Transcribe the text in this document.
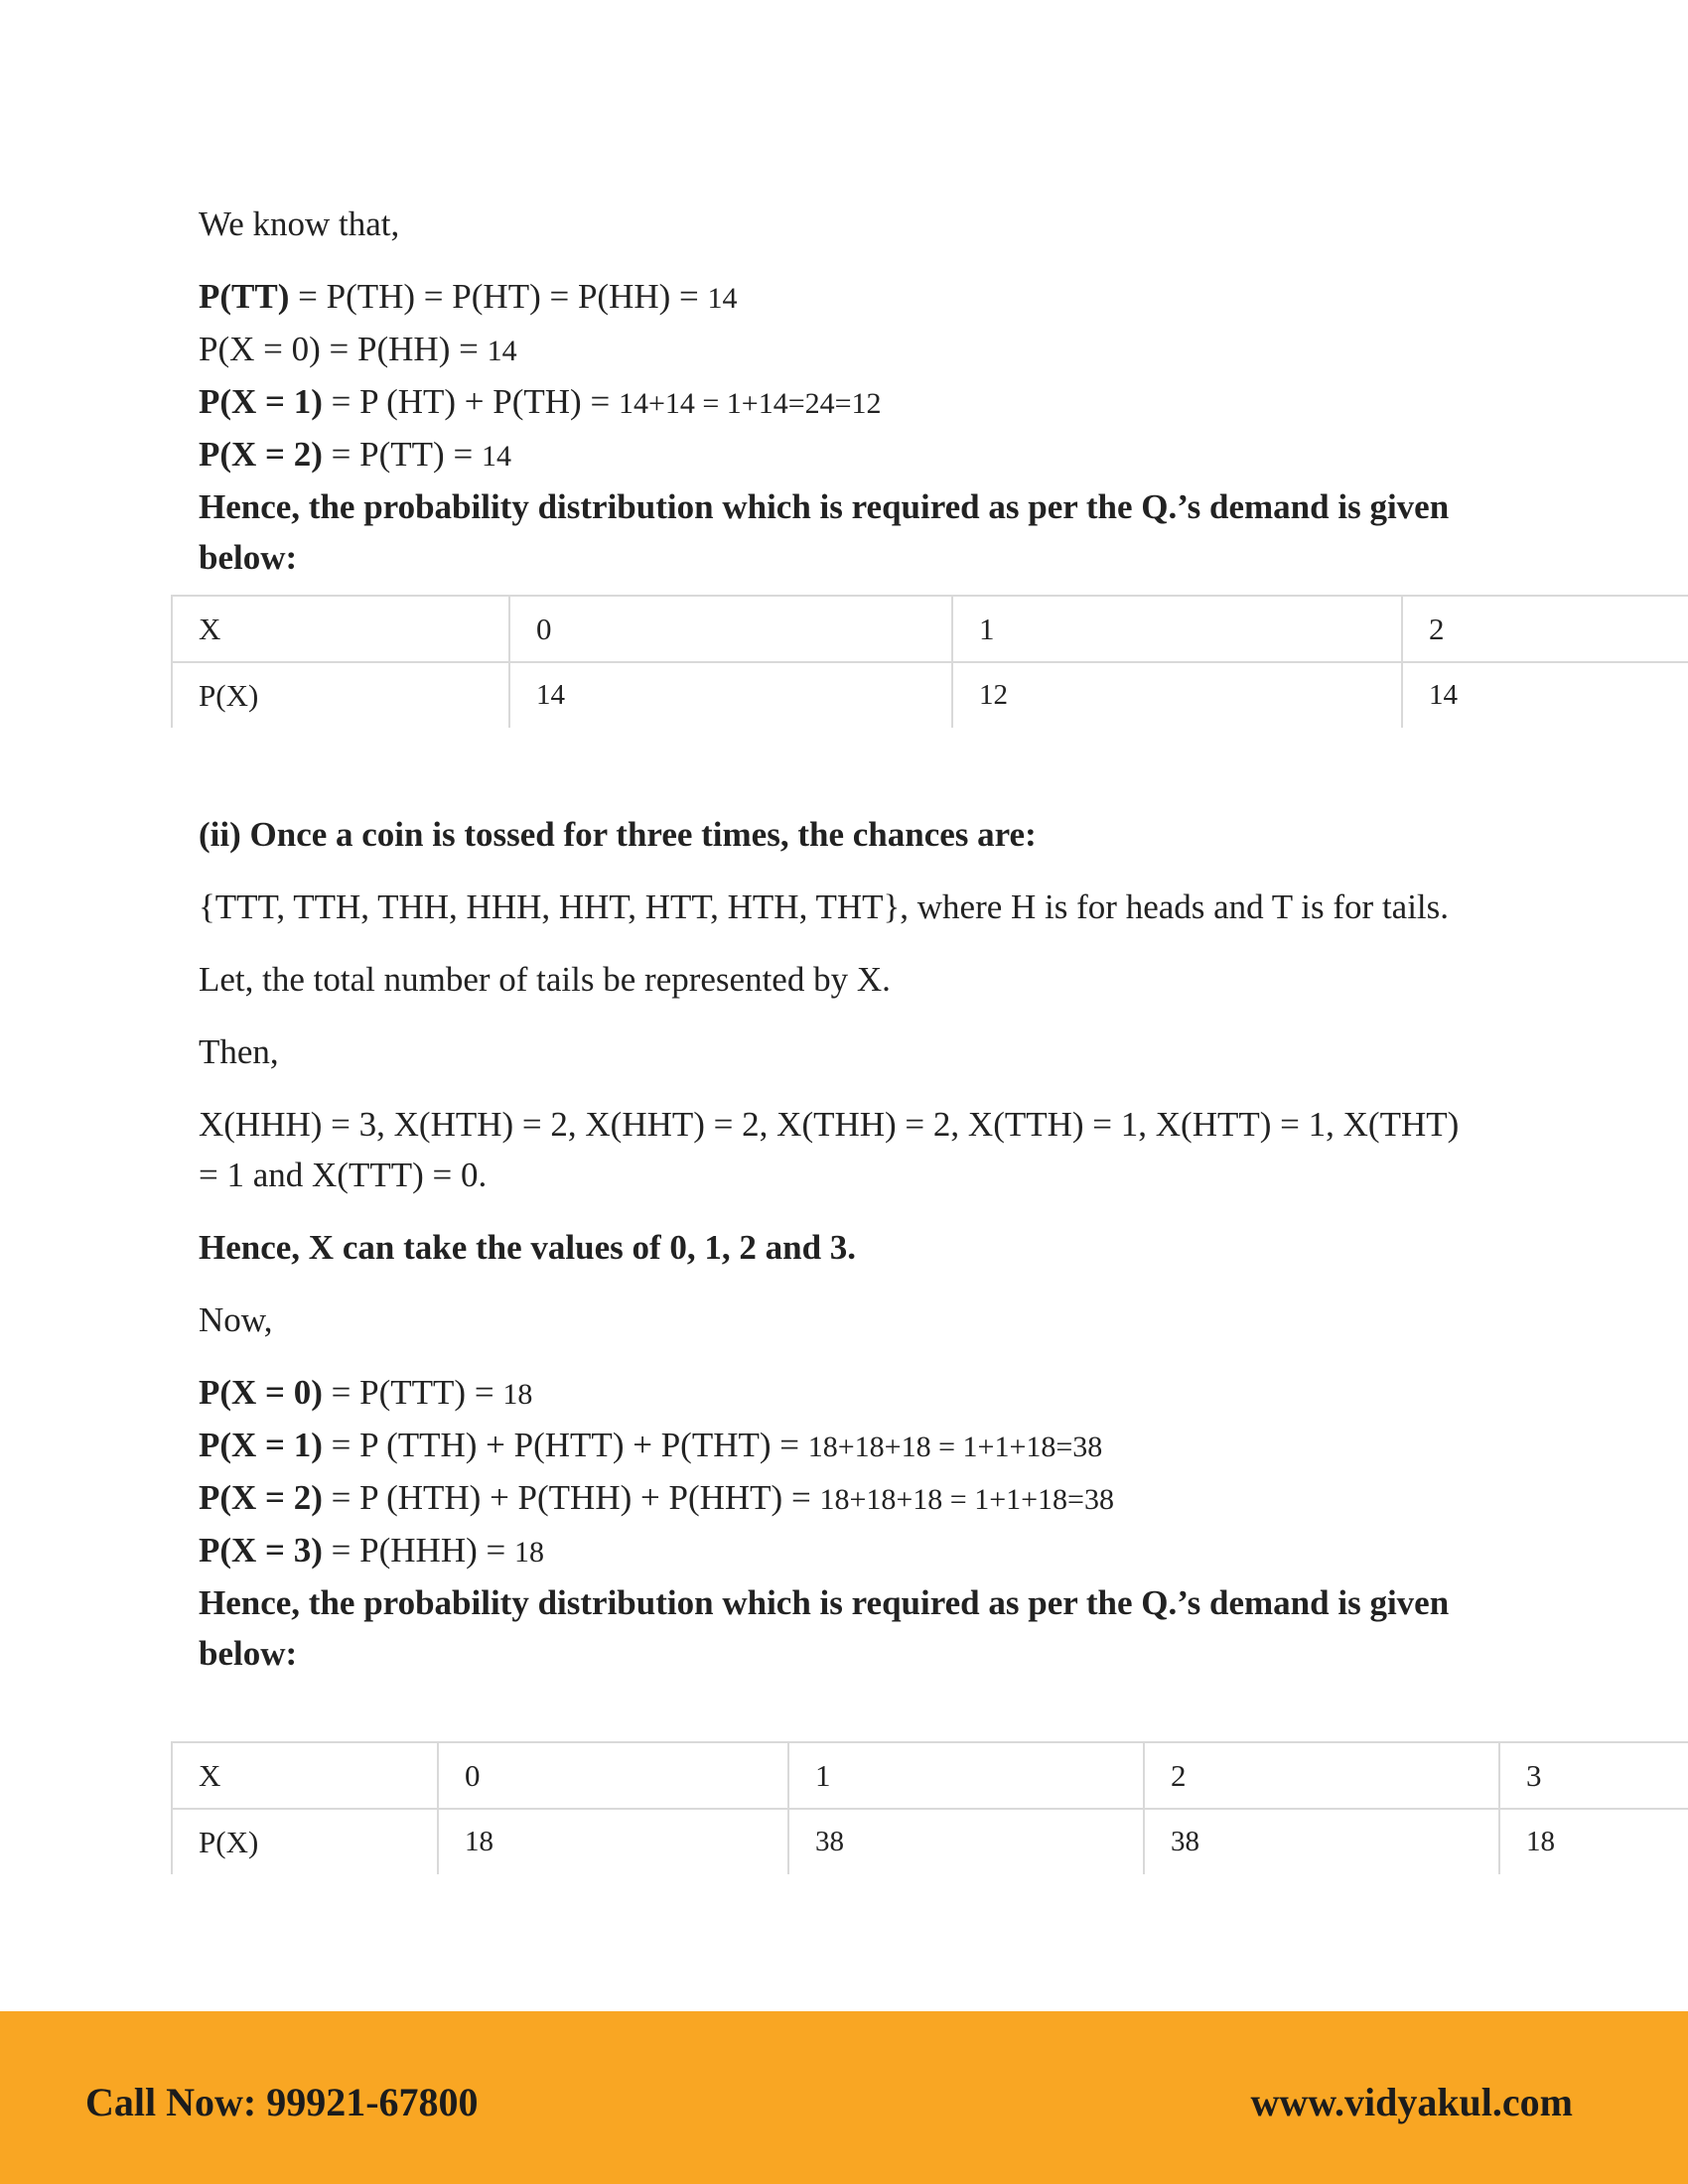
We know that,

P(TT) = P(TH) = P(HT) = P(HH) = 14
P(X = 0) = P(HH) = 14
P(X = 1) = P (HT) + P(TH) = 14+14 = 1+14=24=12
P(X = 2) = P(TT) = 14
Hence, the probability distribution which is required as per the Q.’s demand is given below:
X	0	1	2
P(X)	14	12	14

(ii) Once a coin is tossed for three times, the chances are:

{TTT, TTH, THH, HHH, HHT, HTT, HTH, THT}, where H is for heads and T is for tails.

Let, the total number of tails be represented by X.

Then,

X(HHH) = 3, X(HTH) = 2, X(HHT) = 2, X(THH) = 2, X(TTH) = 1, X(HTT) = 1, X(THT) = 1 and X(TTT) = 0.

Hence, X can take the values of 0, 1, 2 and 3.

Now,

P(X = 0) = P(TTT) = 18
P(X = 1) = P (TTH) + P(HTT) + P(THT) = 18+18+18 = 1+1+18=38
P(X = 2) = P (HTH) + P(THH) + P(HHT) = 18+18+18 = 1+1+18=38
P(X = 3) = P(HHH) = 18
Hence, the probability distribution which is required as per the Q.’s demand is given below:
X	0	1	2	3
P(X)	18	38	38	18
Call Now: 99921-67800	www.vidyakul.com
